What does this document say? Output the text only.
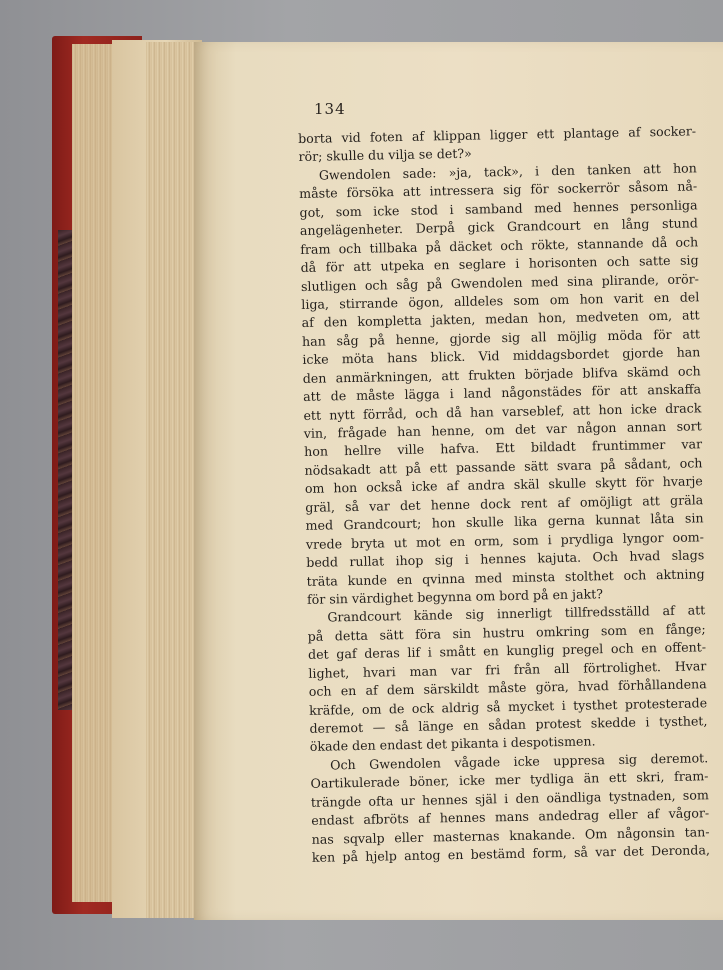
134
borta vid foten af klippan ligger ett plantage af socker-
rör; skulle du vilja se det?»
Gwendolen sade: »ja, tack», i den tanken att hon
måste försöka att intressera sig för sockerrör såsom nå-
got, som icke stod i samband med hennes personliga
angelägenheter. Derpå gick Grandcourt en lång stund
fram och tillbaka på däcket och rökte, stannande då och
då för att utpeka en seglare i horisonten och satte sig
slutligen och såg på Gwendolen med sina plirande, orör-
liga, stirrande ögon, alldeles som om hon varit en del
af den kompletta jakten, medan hon, medveten om, att
han såg på henne, gjorde sig all möjlig möda för att
icke möta hans blick. Vid middagsbordet gjorde han
den anmärkningen, att frukten började blifva skämd och
att de måste lägga i land någonstädes för att anskaffa
ett nytt förråd, och då han varseblef, att hon icke drack
vin, frågade han henne, om det var någon annan sort
hon hellre ville hafva. Ett bildadt fruntimmer var
nödsakadt att på ett passande sätt svara på sådant, och
om hon också icke af andra skäl skulle skytt för hvarje
gräl, så var det henne dock rent af omöjligt att gräla
med Grandcourt; hon skulle lika gerna kunnat låta sin
vrede bryta ut mot en orm, som i prydliga lyngor oom-
bedd rullat ihop sig i hennes kajuta. Och hvad slags
träta kunde en qvinna med minsta stolthet och aktning
för sin värdighet begynna om bord på en jakt?
Grandcourt kände sig innerligt tillfredsställd af att
på detta sätt föra sin hustru omkring som en fånge;
det gaf deras lif i smått en kunglig pregel och en offent-
lighet, hvari man var fri från all förtrolighet. Hvar
och en af dem särskildt måste göra, hvad förhållandena
kräfde, om de ock aldrig så mycket i tysthet protesterade
deremot — så länge en sådan protest skedde i tysthet,
ökade den endast det pikanta i despotismen.
Och Gwendolen vågade icke uppresa sig deremot.
Oartikulerade böner, icke mer tydliga än ett skri, fram-
trängde ofta ur hennes själ i den oändliga tystnaden, som
endast afbröts af hennes mans andedrag eller af vågor-
nas sqvalp eller masternas knakande. Om någonsin tan-
ken på hjelp antog en bestämd form, så var det Deronda,
